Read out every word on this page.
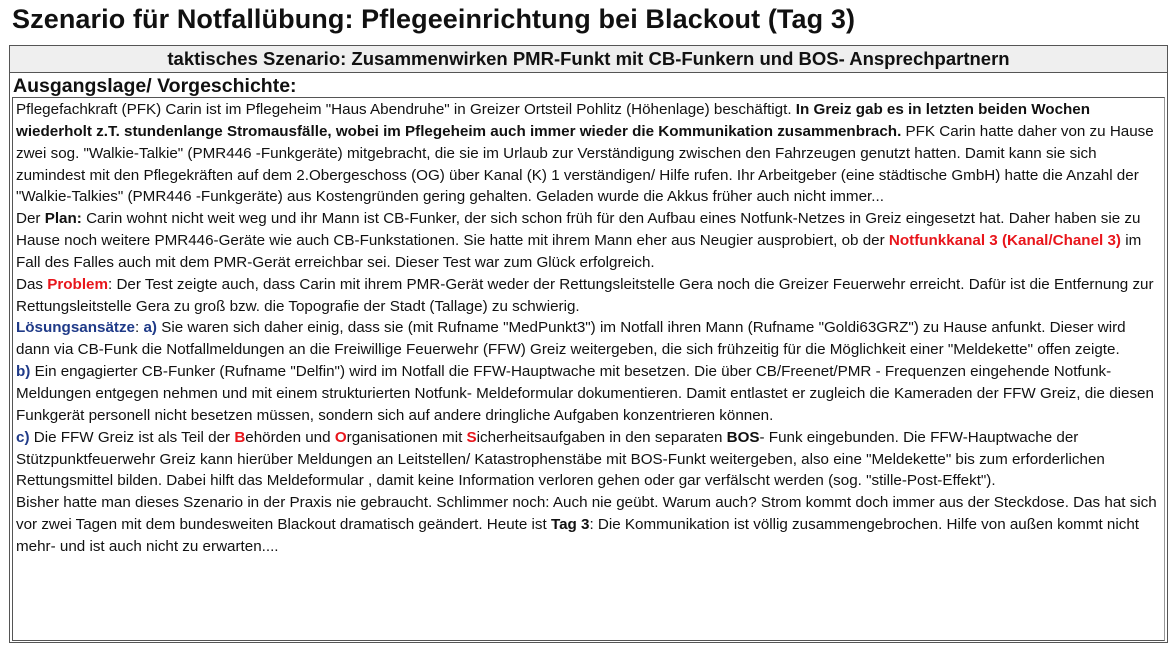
Szenario für Notfallübung: Pflegeeinrichtung bei Blackout (Tag 3)
taktisches Szenario: Zusammenwirken PMR-Funkt mit CB-Funkern und BOS- Ansprechpartnern
Ausgangslage/ Vorgeschichte:

Pflegefachkraft (PFK) Carin ist im Pflegeheim "Haus Abendruhe" in Greizer Ortsteil Pohlitz (Höhenlage) beschäftigt. In Greiz gab es in letzten beiden Wochen wiederholt z.T. stundenlange Stromausfälle, wobei im Pflegeheim auch immer wieder die Kommunikation zusammenbrach. PFK Carin hatte daher von zu Hause zwei sog. "Walkie-Talkie" (PMR446 -Funkgeräte) mitgebracht, die sie im Urlaub zur Verständigung zwischen den Fahrzeugen genutzt hatten. Damit kann sie sich zumindest mit den Pflegekräften auf dem 2.Obergeschoss (OG) über Kanal (K) 1 verständigen/ Hilfe rufen. Ihr Arbeitgeber (eine städtische GmbH) hatte die Anzahl der "Walkie-Talkies" (PMR446 -Funkgeräte) aus Kostengründen gering gehalten. Geladen wurde die Akkus früher auch nicht immer...

Der Plan: Carin wohnt nicht weit weg und ihr Mann ist CB-Funker, der sich schon früh für den Aufbau eines Notfunk-Netzes in Greiz eingesetzt hat. Daher haben sie zu Hause noch weitere PMR446-Geräte wie auch CB-Funkstationen. Sie hatte mit ihrem Mann eher aus Neugier ausprobiert, ob der Notfunkkanal 3 (Kanal/Chanel 3) im Fall des Falles auch mit dem PMR-Gerät erreichbar sei. Dieser Test war zum Glück erfolgreich.

Das Problem: Der Test zeigte auch, dass Carin mit ihrem PMR-Gerät weder der Rettungsleitstelle Gera noch die Greizer Feuerwehr erreicht. Dafür ist die Entfernung zur Rettungsleitstelle Gera zu groß bzw. die Topografie der Stadt (Tallage) zu schwierig.

Lösungsansätze: a) Sie waren sich daher einig, dass sie (mit Rufname "MedPunkt3") im Notfall ihren Mann (Rufname "Goldi63GRZ") zu Hause anfunkt. Dieser wird dann via CB-Funk die Notfallmeldungen an die Freiwillige Feuerwehr (FFW) Greiz weitergeben, die sich frühzeitig für die Möglichkeit einer "Meldekette" offen zeigte.

b) Ein engagierter CB-Funker (Rufname "Delfin") wird im Notfall die FFW-Hauptwache mit besetzen. Die über CB/Freenet/PMR - Frequenzen eingehende Notfunk-Meldungen entgegen nehmen und mit einem strukturierten Notfunk- Meldeformular dokumentieren. Damit entlastet er zugleich die Kameraden der FFW Greiz, die diesen Funkgerät personell nicht besetzen müssen, sondern sich auf andere dringliche Aufgaben konzentrieren können.

c) Die FFW Greiz ist als Teil der Behörden und Organisationen mit Sicherheitsaufgaben in den separaten BOS- Funk eingebunden. Die FFW-Hauptwache der Stützpunktfeuerwehr Greiz kann hierüber Meldungen an Leitstellen/ Katastrophenstäbe mit BOS-Funkt weitergeben, also eine "Meldekette" bis zum erforderlichen Rettungsmittel bilden. Dabei hilft das Meldeformular , damit keine Information verloren gehen oder gar verfälscht werden (sog. "stille-Post-Effekt").

Bisher hatte man dieses Szenario in der Praxis nie gebraucht. Schlimmer noch: Auch nie geübt. Warum auch? Strom kommt doch immer aus der Steckdose. Das hat sich vor zwei Tagen mit dem bundesweiten Blackout dramatisch geändert. Heute ist Tag 3: Die Kommunikation ist völlig zusammengebrochen. Hilfe von außen kommt nicht mehr- und ist auch nicht zu erwarten....
